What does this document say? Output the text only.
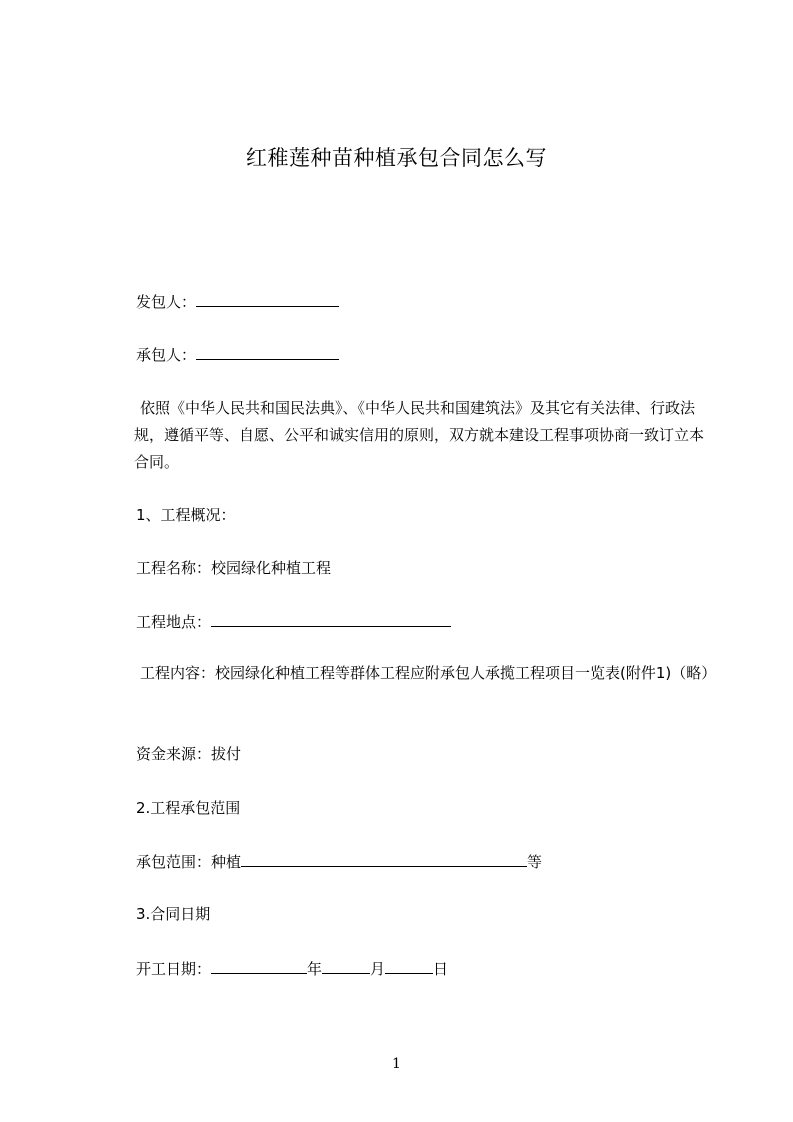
红稚莲种苗种植承包合同怎么写
发包人：
承包人：
依照《中华人民共和国民法典》、《中华人民共和国建筑法》及其它有关法律、行政法规，遵循平等、自愿、公平和诚实信用的原则，双方就本建设工程事项协商一致订立本合同。
1、工程概况：
工程名称：校园绿化种植工程
工程地点：
工程内容：校园绿化种植工程等群体工程应附承包人承揽工程项目一览表(附件1)（略）
资金来源：拔付
2.工程承包范围
承包范围：种植	等
3.合同日期
开工日期：	年	月	日
1
